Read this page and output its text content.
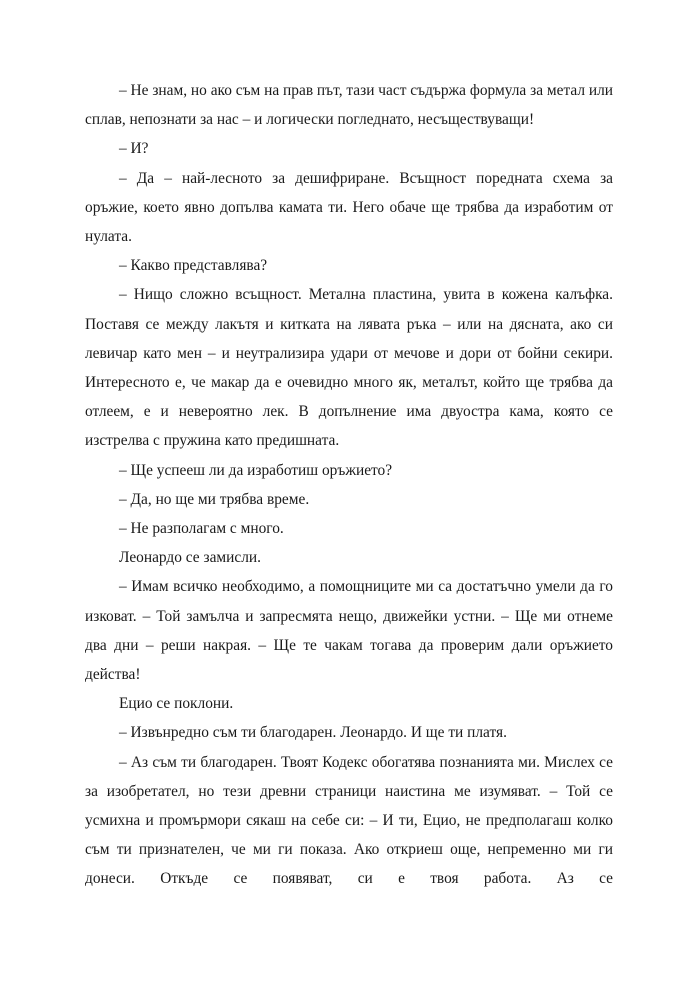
– Не знам, но ако съм на прав път, тази част съдържа формула за метал или сплав, непознати за нас – и логически погледнато, несъществуващи!

– И?

– Да – най-лесното за дешифриране. Всъщност поредната схема за оръжие, което явно допълва камата ти. Него обаче ще трябва да изработим от нулата.

– Какво представлява?

– Нищо сложно всъщност. Метална пластина, увита в кожена калъфка. Поставя се между лакътя и китката на лявата ръка – или на дясната, ако си левичар като мен – и неутрализира удари от мечове и дори от бойни секири. Интересното е, че макар да е очевидно много як, металът, който ще трябва да отлеем, е и невероятно лек. В допълнение има двуостра кама, която се изстрелва с пружина като предишната.

– Ще успееш ли да изработиш оръжието?

– Да, но ще ми трябва време.

– Не разполагам с много.

Леонардо се замисли.

– Имам всичко необходимо, а помощниците ми са достатъчно умели да го изковат. – Той замълча и запресмята нещо, движейки устни. – Ще ми отнеме два дни – реши накрая. – Ще те чакам тогава да проверим дали оръжието действа!

Ецио се поклони.

– Извънредно съм ти благодарен. Леонардо. И ще ти платя.

– Аз съм ти благодарен. Твоят Кодекс обогатява познанията ми. Мислех се за изобретател, но тези древни страници наистина ме изумяват. – Той се усмихна и промърмори сякаш на себе си: – И ти, Ецио, не предполагаш колко съм ти признателен, че ми ги показа. Ако откриеш още, непременно ми ги донеси. Откъде се появяват, си е твоя работа. Аз се
